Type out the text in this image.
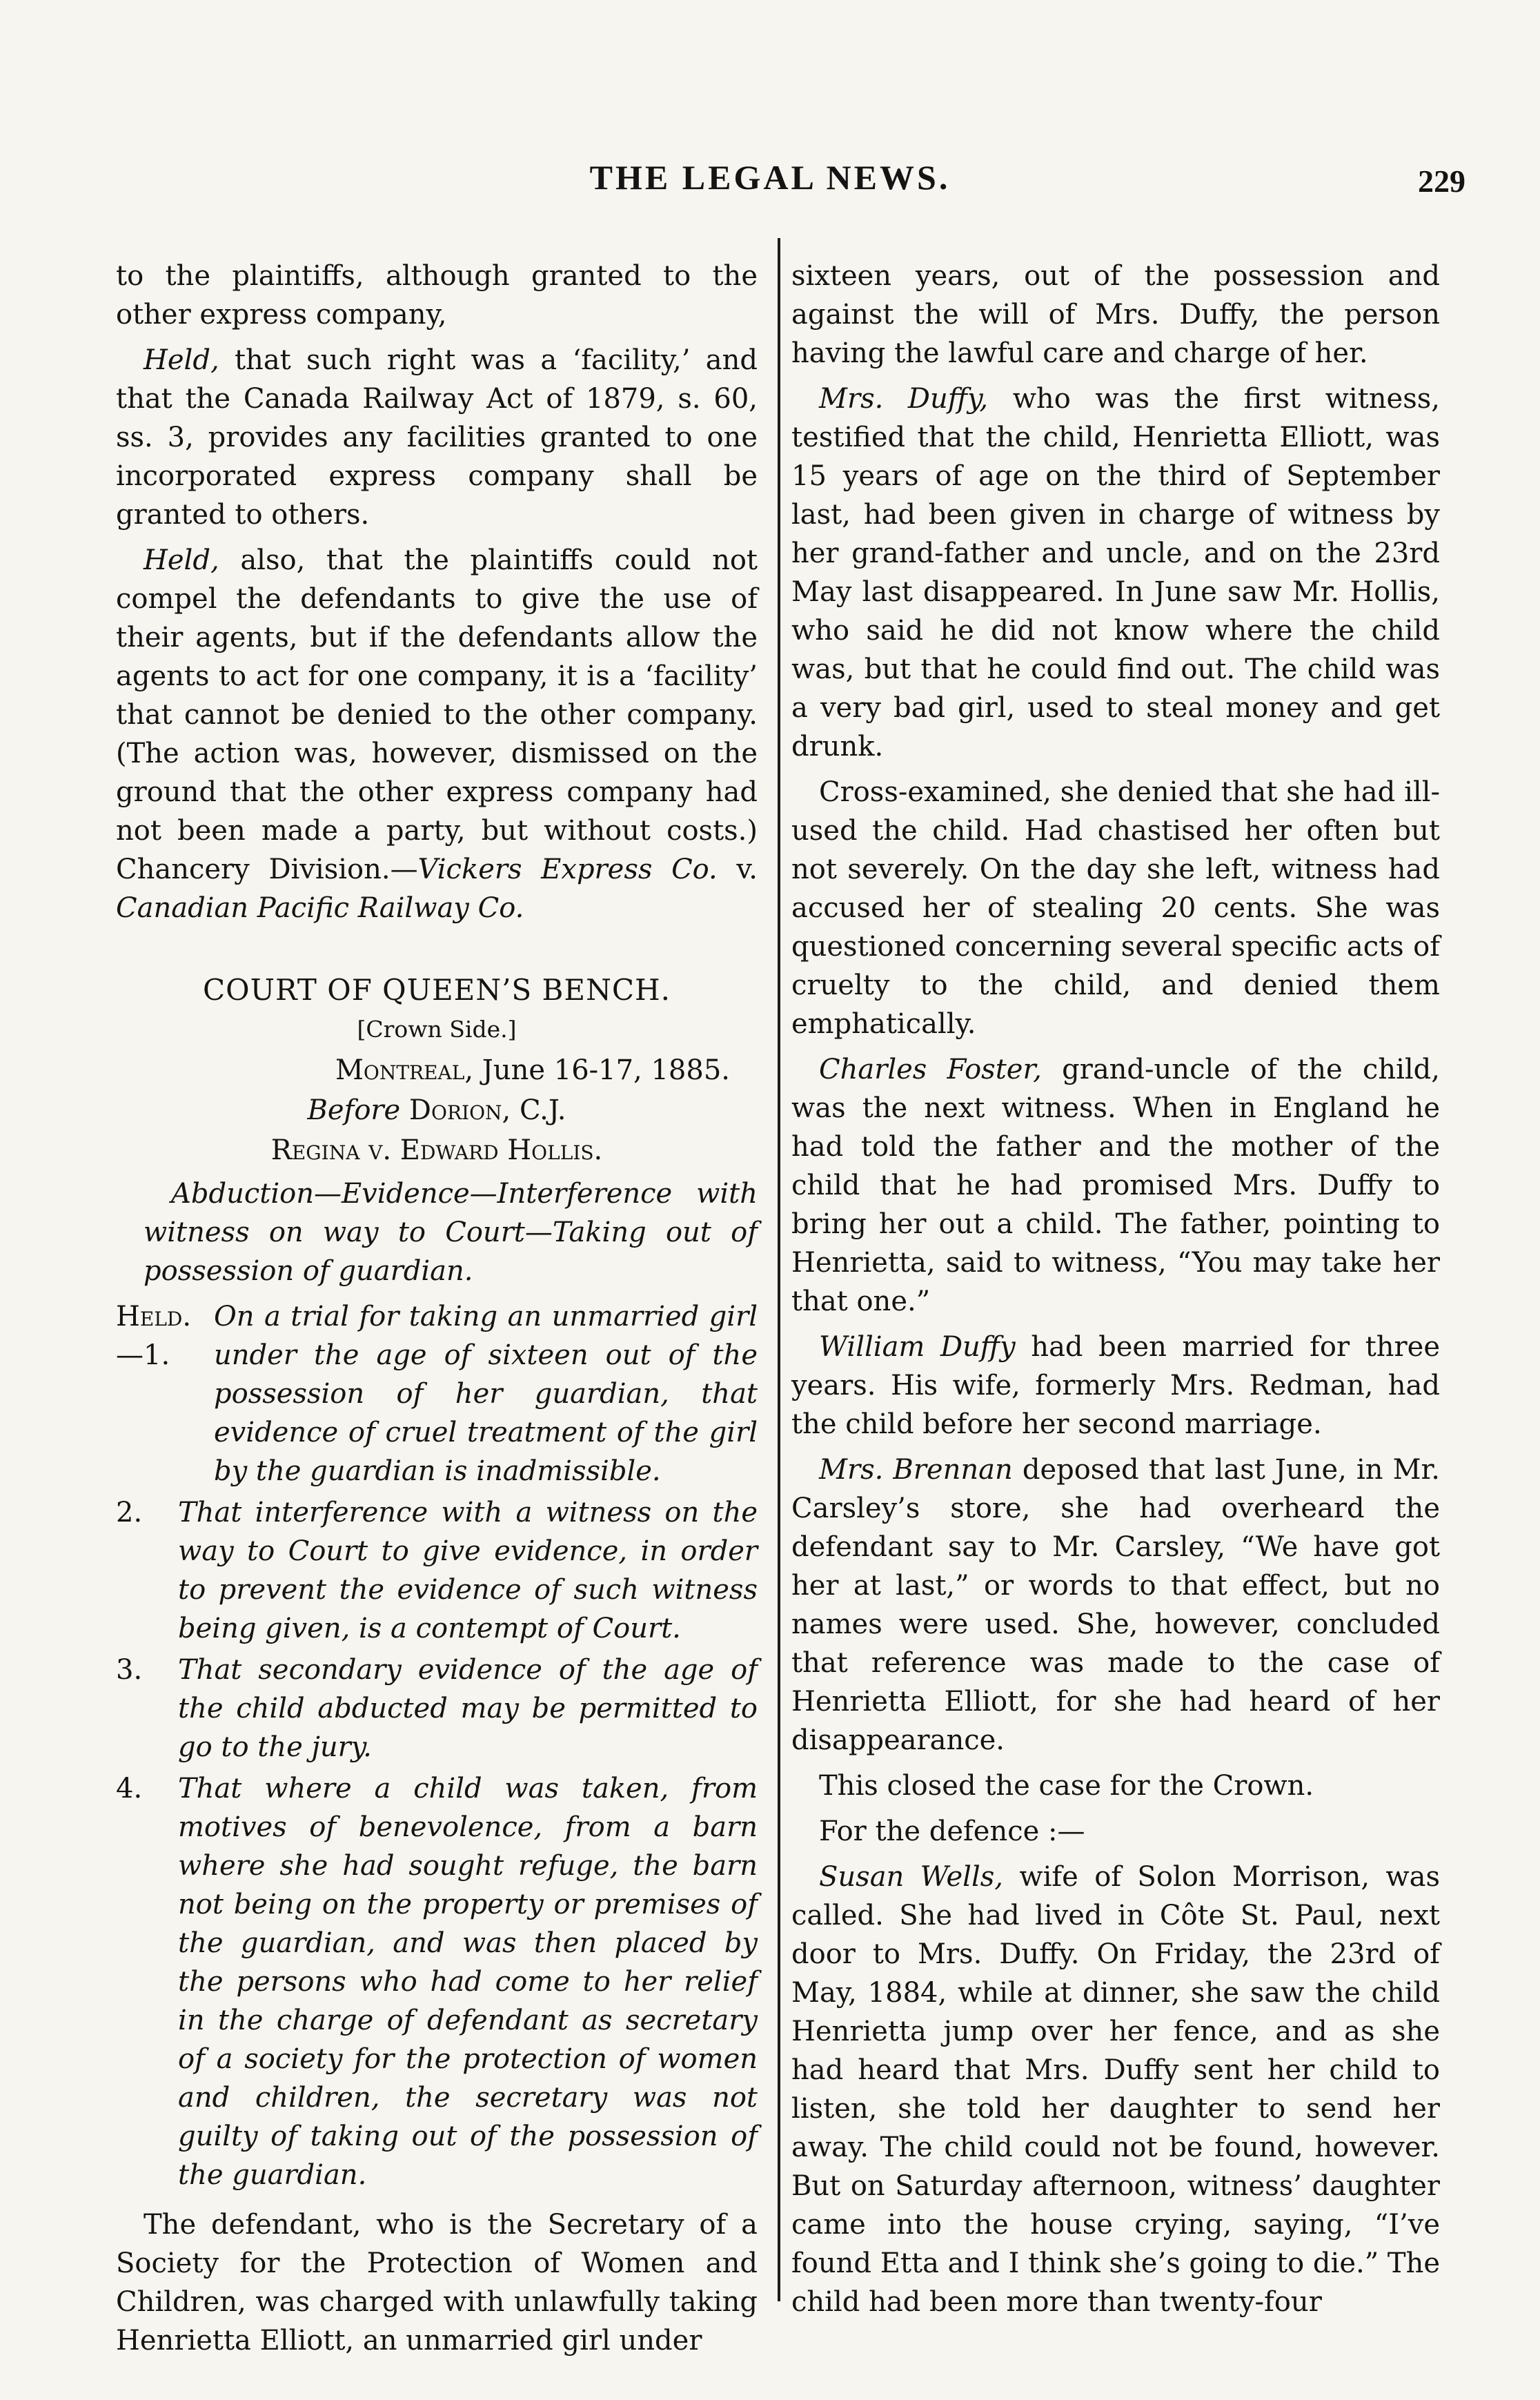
THE LEGAL NEWS.	229

to the plaintiffs, although granted to the other express company,

Held, that such right was a ‘facility,’ and that the Canada Railway Act of 1879, s. 60, ss. 3, provides any facilities granted to one incorporated express company shall be granted to others.

Held, also, that the plaintiffs could not compel the defendants to give the use of their agents, but if the defendants allow the agents to act for one company, it is a ‘facility’ that cannot be denied to the other company. (The action was, however, dismissed on the ground that the other express company had not been made a party, but without costs.) Chancery Division.—Vickers Express Co. v. Canadian Pacific Railway Co.

COURT OF QUEEN’S BENCH.
[Crown Side.]
Montreal, June 16-17, 1885.
Before Dorion, C.J.
Regina v. Edward Hollis.

Abduction—Evidence—Interference with witness on way to Court—Taking out of possession of guardian.

Held.—1.
On a trial for taking an unmarried girl under the age of sixteen out of the possession of her guardian, that evidence of cruel treatment of the girl by the guardian is inadmissible.
2.	That interference with a witness on the way to Court to give evidence, in order to prevent the evidence of such witness being given, is a contempt of Court.
3.	That secondary evidence of the age of the child abducted may be permitted to go to the jury.
4.	That where a child was taken, from motives of benevolence, from a barn where she had sought refuge, the barn not being on the property or premises of the guardian, and was then placed by the persons who had come to her relief in the charge of defendant as secretary of a society for the protection of women and children, the secretary was not guilty of taking out of the possession of the guardian.

The defendant, who is the Secretary of a Society for the Protection of Women and Children, was charged with unlawfully taking Henrietta Elliott, an unmarried girl under

sixteen years, out of the possession and against the will of Mrs. Duffy, the person having the lawful care and charge of her.

Mrs. Duffy, who was the first witness, testified that the child, Henrietta Elliott, was 15 years of age on the third of September last, had been given in charge of witness by her grand-father and uncle, and on the 23rd May last disappeared. In June saw Mr. Hollis, who said he did not know where the child was, but that he could find out. The child was a very bad girl, used to steal money and get drunk.

Cross-examined, she denied that she had ill-used the child. Had chastised her often but not severely. On the day she left, witness had accused her of stealing 20 cents. She was questioned concerning several specific acts of cruelty to the child, and denied them emphatically.

Charles Foster, grand-uncle of the child, was the next witness. When in England he had told the father and the mother of the child that he had promised Mrs. Duffy to bring her out a child. The father, pointing to Henrietta, said to witness, “You may take her that one.”

William Duffy had been married for three years. His wife, formerly Mrs. Redman, had the child before her second marriage.

Mrs. Brennan deposed that last June, in Mr. Carsley’s store, she had overheard the defendant say to Mr. Carsley, “We have got her at last,” or words to that effect, but no names were used. She, however, concluded that reference was made to the case of Henrietta Elliott, for she had heard of her disappearance.

This closed the case for the Crown.

For the defence :—

Susan Wells, wife of Solon Morrison, was called. She had lived in Côte St. Paul, next door to Mrs. Duffy. On Friday, the 23rd of May, 1884, while at dinner, she saw the child Henrietta jump over her fence, and as she had heard that Mrs. Duffy sent her child to listen, she told her daughter to send her away. The child could not be found, however. But on Saturday afternoon, witness’ daughter came into the house crying, saying, “I’ve found Etta and I think she’s going to die.” The child had been more than twenty-four
